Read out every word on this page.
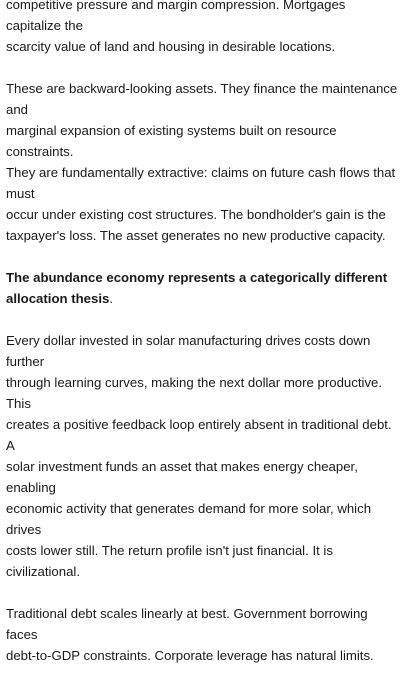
competitive pressure and margin compression. Mortgages capitalize the
scarcity value of land and housing in desirable locations.

These are backward-looking assets. They finance the maintenance and
marginal expansion of existing systems built on resource constraints.
They are fundamentally extractive: claims on future cash flows that must
occur under existing cost structures. The bondholder's gain is the
taxpayer's loss. The asset generates no new productive capacity.

The abundance economy represents a categorically different
allocation thesis.

Every dollar invested in solar manufacturing drives costs down further
through learning curves, making the next dollar more productive. This
creates a positive feedback loop entirely absent in traditional debt. A
solar investment funds an asset that makes energy cheaper, enabling
economic activity that generates demand for more solar, which drives
costs lower still. The return profile isn't just financial. It is civilizational.

Traditional debt scales linearly at best. Government borrowing faces
debt-to-GDP constraints. Corporate leverage has natural limits.
